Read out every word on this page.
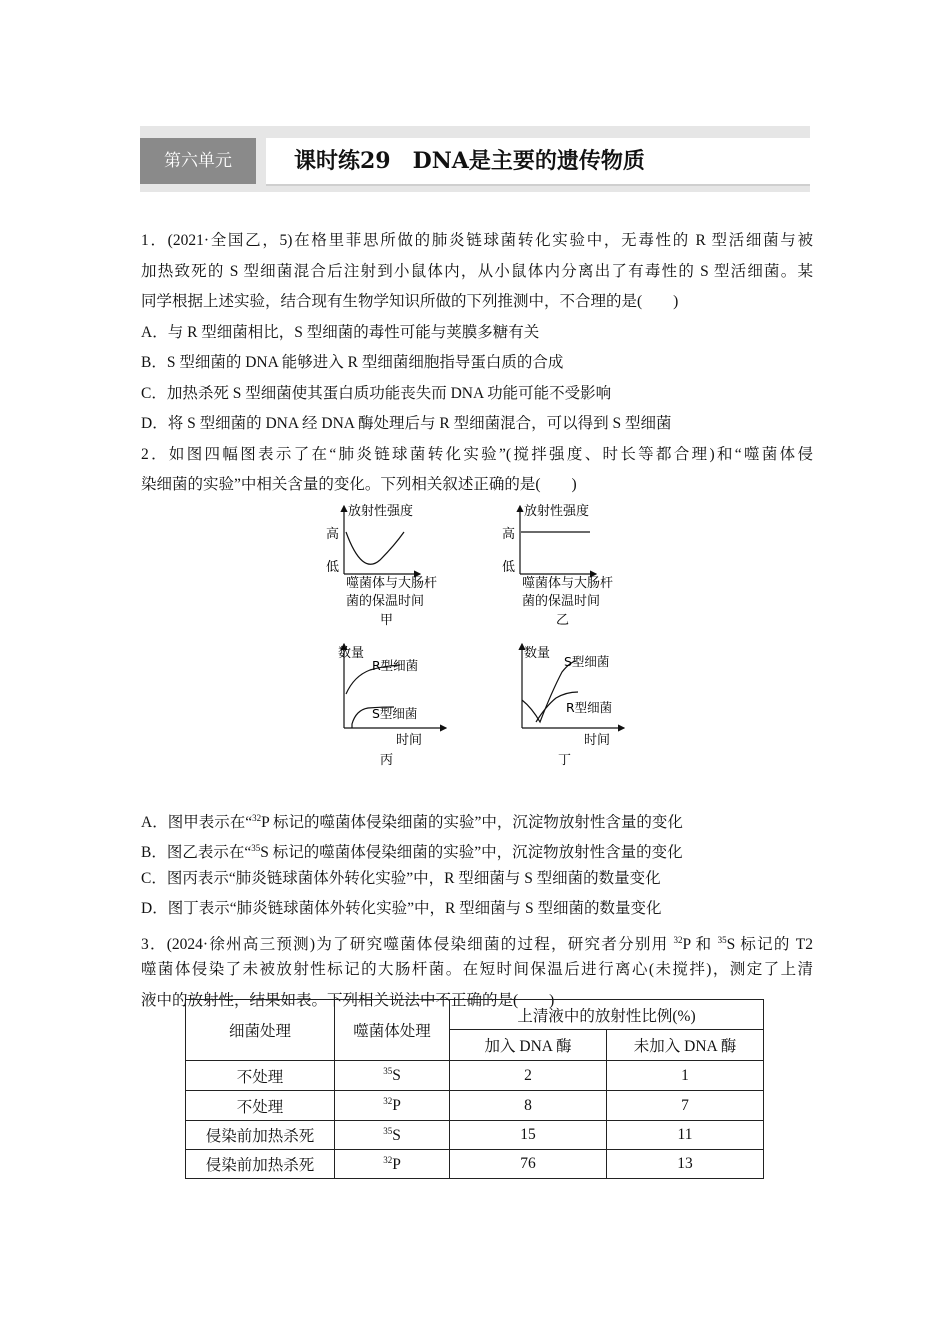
第六单元	课时练29　DNA是主要的遗传物质
1．(2021·全国乙，5)在格里菲思所做的肺炎链球菌转化实验中，无毒性的 R 型活细菌与被
加热致死的 S 型细菌混合后注射到小鼠体内，从小鼠体内分离出了有毒性的 S 型活细菌。某
同学根据上述实验，结合现有生物学知识所做的下列推测中，不合理的是(　　)
A．与 R 型细菌相比，S 型细菌的毒性可能与荚膜多糖有关
B．S 型细菌的 DNA 能够进入 R 型细菌细胞指导蛋白质的合成
C．加热杀死 S 型细菌使其蛋白质功能丧失而 DNA 功能可能不受影响
D．将 S 型细菌的 DNA 经 DNA 酶处理后与 R 型细菌混合，可以得到 S 型细菌
2．如图四幅图表示了在“肺炎链球菌转化实验”(搅拌强度、时长等都合理)和“噬菌体侵
染细菌的实验”中相关含量的变化。下列相关叙述正确的是(　　)
A．图甲表示在“$^{32}$P 标记的噬菌体侵染细菌的实验”中，沉淀物放射性含量的变化
B．图乙表示在“$^{35}$S 标记的噬菌体侵染细菌的实验”中，沉淀物放射性含量的变化
C．图丙表示“肺炎链球菌体外转化实验”中，R 型细菌与 S 型细菌的数量变化
D．图丁表示“肺炎链球菌体外转化实验”中，R 型细菌与 S 型细菌的数量变化
3．(2024·徐州高三预测)为了研究噬菌体侵染细菌的过程，研究者分别用 $^{32}$P 和 $^{35}$S 标记的 T2
噬菌体侵染了未被放射性标记的大肠杆菌。在短时间保温后进行离心(未搅拌)，测定了上清
液中的放射性，结果如表。下列相关说法中不正确的是(　　)
放射性强度
高
低
噬菌体与大肠杆
菌的保温时间
甲
放射性强度
高
低
噬菌体与大肠杆
菌的保温时间
乙
数量
R型细菌
S型细菌
时间
丙
数量
S型细菌
R型细菌
时间
丁
细菌处理	噬菌体处理	上清液中的放射性比例(%)	
		加入 DNA 酶	未加入 DNA 酶
不处理	$^{35}$S	2	1
不处理	$^{32}$P	8	7
侵染前加热杀死	$^{35}$S	15	11
侵染前加热杀死	$^{32}$P	76	13
